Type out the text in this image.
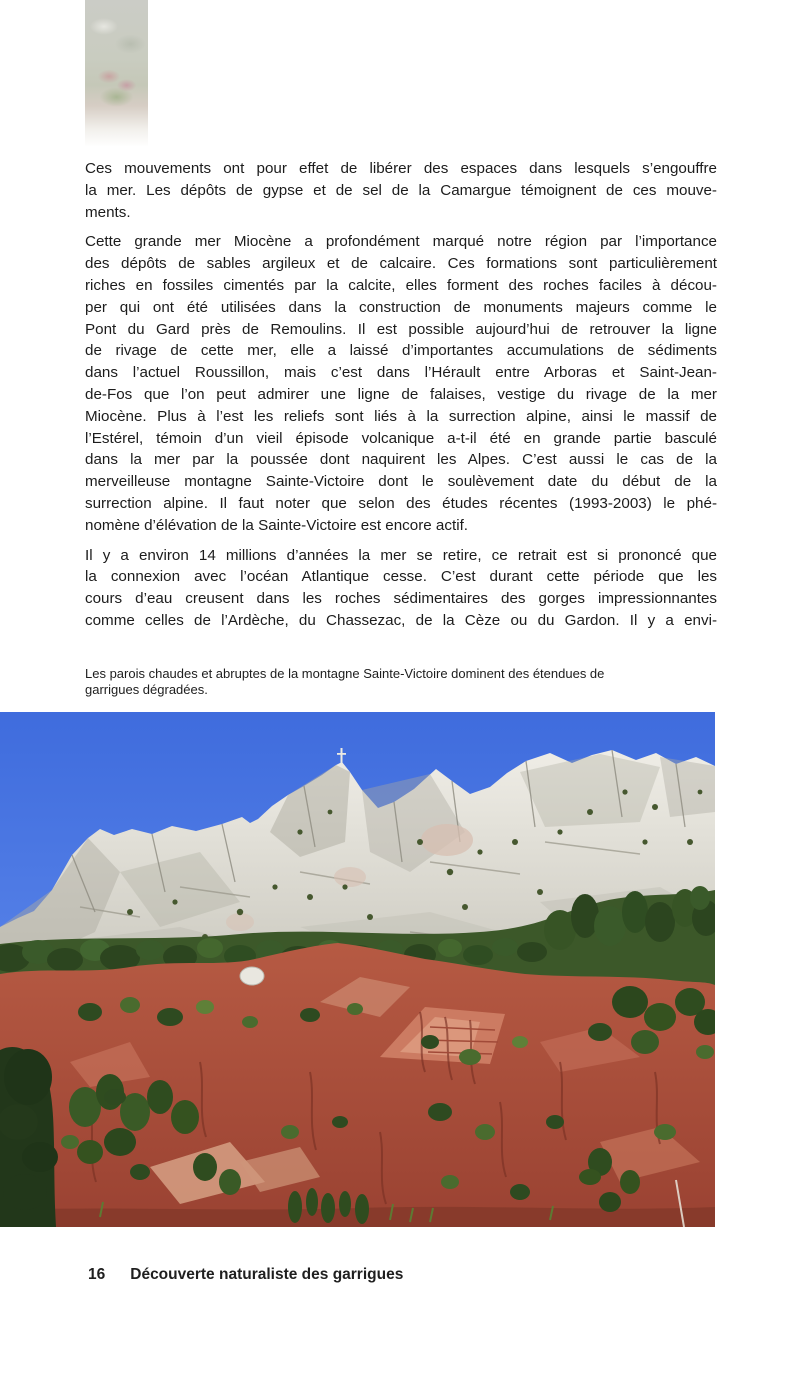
Ces mouvements ont pour effet de libérer des espaces dans lesquels s’engouffre
la mer. Les dépôts de gypse et de sel de la Camargue témoignent de ces mouve-
ments.
Cette grande mer Miocène a profondément marqué notre région par l’importance
des dépôts de sables argileux et de calcaire. Ces formations sont particulièrement
riches en fossiles cimentés par la calcite, elles forment des roches faciles à décou-
per qui ont été utilisées dans la construction de monuments majeurs comme le
Pont du Gard près de Remoulins. Il est possible aujourd’hui de retrouver la ligne
de rivage de cette mer, elle a laissé d’importantes accumulations de sédiments
dans l’actuel Roussillon, mais c’est dans l’Hérault entre Arboras et Saint-Jean-
de-Fos que l’on peut admirer une ligne de falaises, vestige du rivage de la mer
Miocène. Plus à l’est les reliefs sont liés à la surrection alpine, ainsi le massif de
l’Estérel, témoin d’un vieil épisode volcanique a-t-il été en grande partie basculé
dans la mer par la poussée dont naquirent les Alpes. C’est aussi le cas de la
merveilleuse montagne Sainte-Victoire dont le soulèvement date du début de la
surrection alpine. Il faut noter que selon des études récentes (1993-2003) le phé-
nomène d’élévation de la Sainte-Victoire est encore actif.
Il y a environ 14 millions d’années la mer se retire, ce retrait est si prononcé que
la connexion avec l’océan Atlantique cesse. C’est durant cette période que les
cours d’eau creusent dans les roches sédimentaires des gorges impressionnantes
comme celles de l’Ardèche, du Chassezac, de la Cèze ou du Gardon. Il y a envi-
Les parois chaudes et abruptes de la montagne Sainte-Victoire dominent des étendues de
garrigues dégradées.
16 Découverte naturaliste des garrigues
